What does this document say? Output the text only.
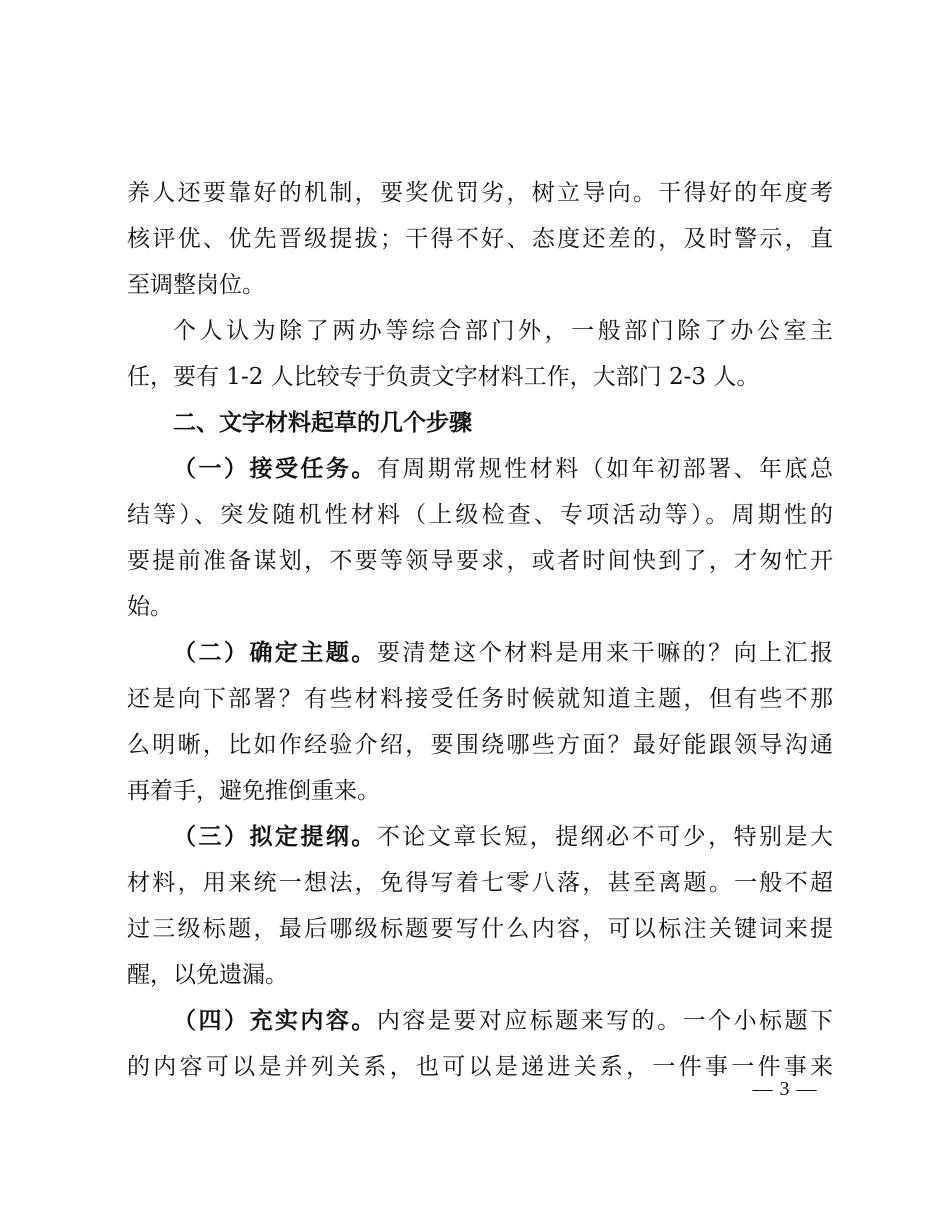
养人还要靠好的机制，要奖优罚劣，树立导向。干得好的年度考
核评优、优先晋级提拔；干得不好、态度还差的，及时警示，直
至调整岗位。
个人认为除了两办等综合部门外，一般部门除了办公室主
任，要有 1-2 人比较专于负责文字材料工作，大部门 2-3 人。
二、文字材料起草的几个步骤
（一）接受任务。有周期常规性材料（如年初部署、年底总
结等）、突发随机性材料（上级检查、专项活动等）。周期性的
要提前准备谋划，不要等领导要求，或者时间快到了，才匆忙开
始。
（二）确定主题。要清楚这个材料是用来干嘛的？向上汇报
还是向下部署？有些材料接受任务时候就知道主题，但有些不那
么明晰，比如作经验介绍，要围绕哪些方面？最好能跟领导沟通
再着手，避免推倒重来。
（三）拟定提纲。不论文章长短，提纲必不可少，特别是大
材料，用来统一想法，免得写着七零八落，甚至离题。一般不超
过三级标题，最后哪级标题要写什么内容，可以标注关键词来提
醒，以免遗漏。
（四）充实内容。内容是要对应标题来写的。一个小标题下
的内容可以是并列关系，也可以是递进关系，一件事一件事来
— 3 —
